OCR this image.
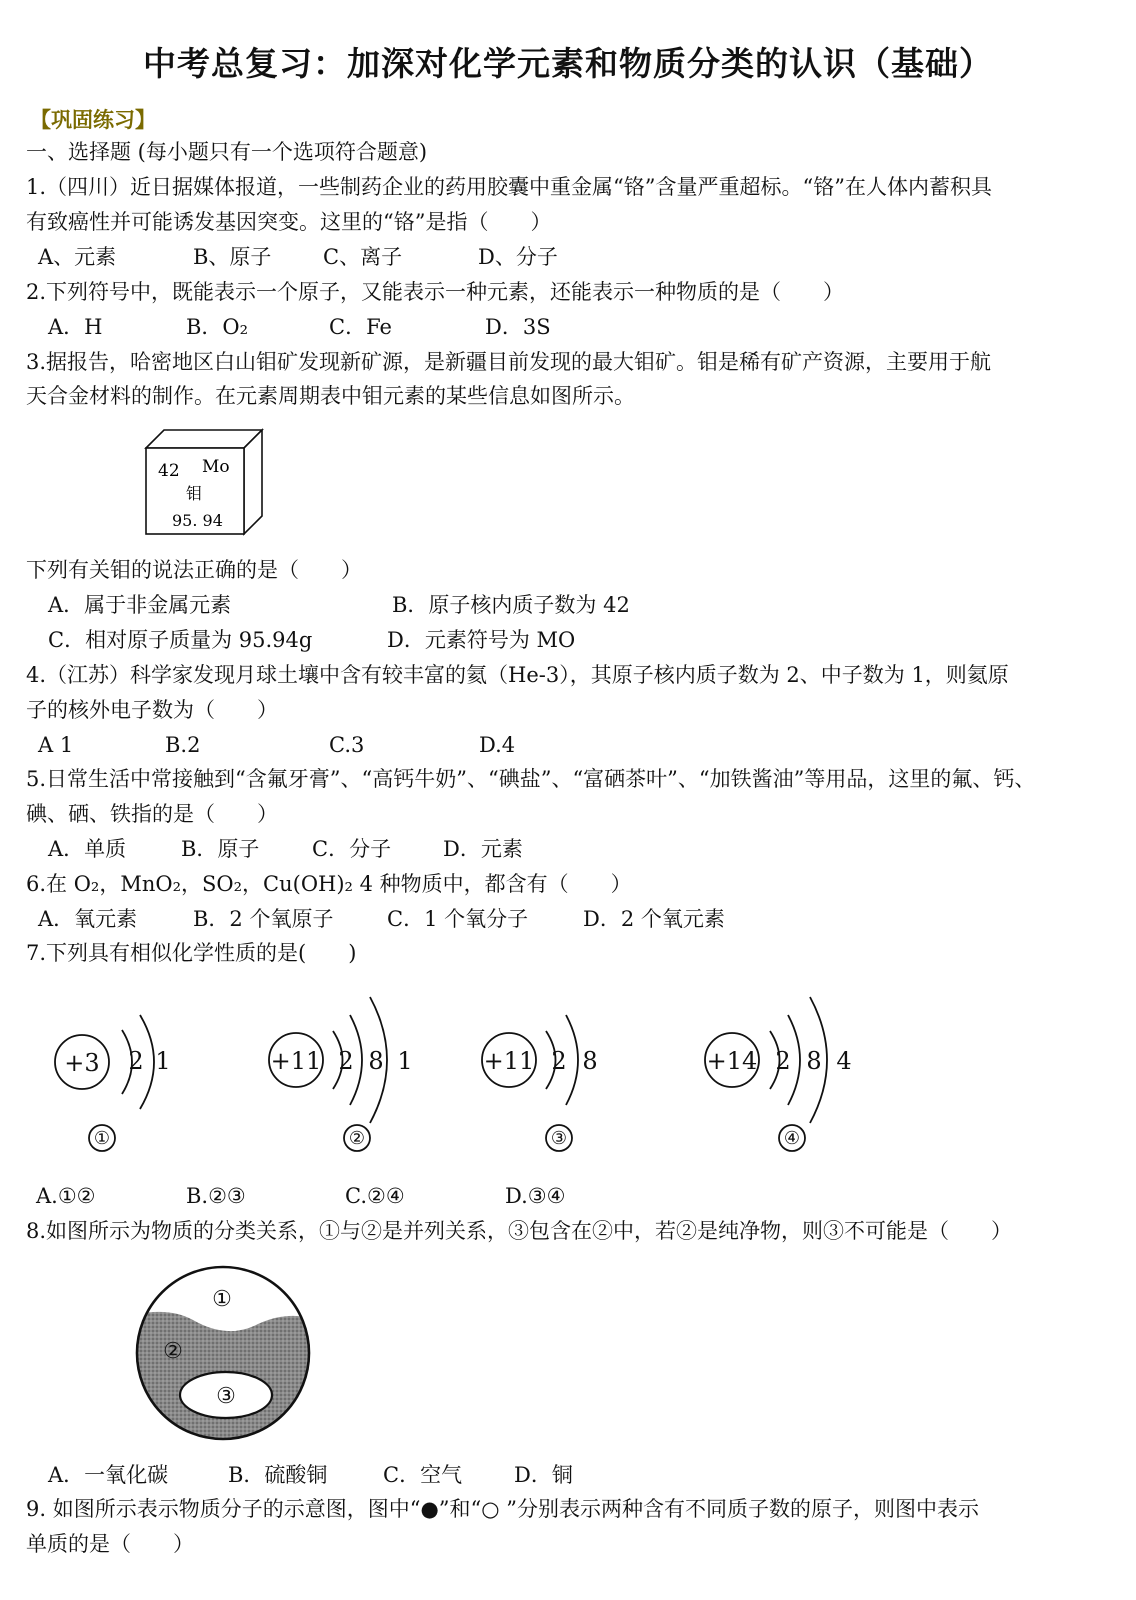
中考总复习：加深对化学元素和物质分类的认识（基础）
【巩固练习】
一、选择题 (每小题只有一个选项符合题意)
1.（四川）近日据媒体报道，一些制药企业的药用胶囊中重金属“铬”含量严重超标。“铬”在人体内蓄积具
有致癌性并可能诱发基因突变。这里的“铬”是指（　　）
A、元素	B、原子 C、离子	D、分子
2.下列符号中，既能表示一个原子，又能表示一种元素，还能表示一种物质的是（　　）
A．H	B．O₂	C．Fe	D．3S
3.据报告，哈密地区白山钼矿发现新矿源，是新疆目前发现的最大钼矿。钼是稀有矿产资源，主要用于航
天合金材料的制作。在元素周期表中钼元素的某些信息如图所示。
42 Mo
钼
95. 94
下列有关钼的说法正确的是（　　）
A．属于非金属元素	B．原子核内质子数为 42
C．相对原子质量为 95.94g	D．元素符号为 MO
4.（江苏）科学家发现月球土壤中含有较丰富的氦（He-3），其原子核内质子数为 2、中子数为 1，则氦原
子的核外电子数为（　　）
A 1	B.2	C.3	D.4
5.日常生活中常接触到“含氟牙膏”、“高钙牛奶”、“碘盐”、“富硒茶叶”、“加铁酱油”等用品，这里的氟、钙、
碘、硒、铁指的是（　　）
A．单质	B．原子	C．分子 D．元素
6.在 O₂，MnO₂，SO₂，Cu(OH)₂ 4 种物质中，都含有（　　）
A．氧元素	B．2 个氧原子	C．1 个氧分子	D．2 个氧元素
7.下列具有相似化学性质的是(　　)
+3 2 1	+11 2 8 1	+11 2 8	+14 2 8 4
①	②	③	④
A.①②	B.②③	C.②④	D.③④
8.如图所示为物质的分类关系，①与②是并列关系，③包含在②中，若②是纯净物，则③不可能是（　　）
①
②
③
A．一氧化碳	B．硫酸铜	C．空气 D．铜
9. 如图所示表示物质分子的示意图，图中“●”和“○ ”分别表示两种含有不同质子数的原子，则图中表示
单质的是（　　）
